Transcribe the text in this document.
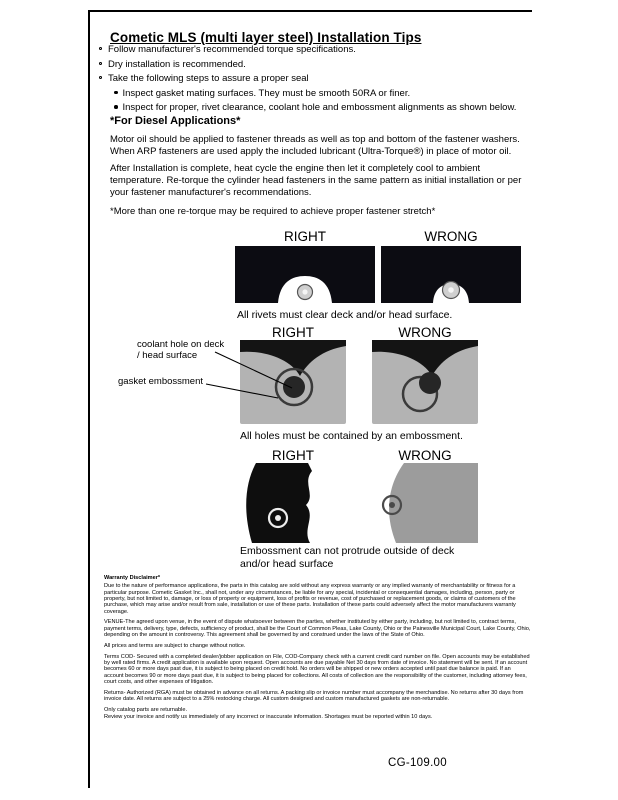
Cometic MLS (multi layer steel) Installation Tips
Follow manufacturer's recommended torque specifications.
Dry installation is recommended.
Take the following steps to assure a proper seal
Inspect gasket mating surfaces. They must be smooth 50RA or finer.
Inspect for proper, rivet clearance, coolant hole and embossment alignments as shown below.
*For Diesel Applications*
Motor oil should be applied to fastener threads as well as top and bottom of the fastener washers. When ARP fasteners are used apply the included lubricant (Ultra-Torque®) in place of motor oil.
After Installation is complete, heat cycle the engine then let it completely cool to ambient temperature. Re-torque the cylinder head fasteners in the same pattern as initial installation or per your fastener manufacturer's recommendations.
*More than one re-torque may be required to achieve proper fastener stretch*
RIGHT	WRONG
All rivets must clear deck and/or head surface.
RIGHT	WRONG
coolant hole on deck / head surface
gasket embossment
All holes must be contained by an embossment.
RIGHT	WRONG
Embossment can not protrude outside of deck and/or head surface
Warranty Disclaimer*
Due to the nature of performance applications, the parts in this catalog are sold without any express warranty or any implied warranty of merchantability or fitness for a particular purpose. Cometic Gasket Inc., shall not, under any circumstances, be liable for any special, incidental or consequential damages, including, person, party or property, but not limited to, damage, or loss of property or equipment, loss of profits or revenue, cost of purchased or replacement goods, or claims of customers of the purchase, which may arise and/or result from sale, installation or use of these parts. Installation of these parts could adversely affect the motor manufacturers warranty coverage.
VENUE-The agreed upon venue, in the event of dispute whatsoever between the parties, whether instituted by either party, including, but not limited to, contract terms, payment terms, delivery, type, defects, sufficiency of product, shall be the Court of Common Pleas, Lake County, Ohio or the Painesville Municipal Court, Lake County, Ohio, depending on the amount in controversy. This agreement shall be governed by and construed under the laws of the State of Ohio.
All prices and terms are subject to change without notice.
Terms COD- Secured with a completed dealer/jobber application on File, COD-Company check with a current credit card number on file. Open accounts may be established by well rated firms. A credit application is available upon request. Open accounts are due payable Net 30 days from date of invoice. No statement will be sent. If an account becomes 60 or more days past due, it is subject to being placed on credit hold. No orders will be shipped or new orders accepted until past due balance is paid. If an account becomes 90 or more days past due, it is subject to being placed for collections. All costs of collection are the responsibility of the customer, including attorney fees, court costs, and other expenses of litigation.
Returns- Authorized (RGA) must be obtained in advance on all returns. A packing slip or invoice number must accompany the merchandise. No returns after 30 days from invoice date. All returns are subject to a 25% restocking charge. All custom designed and custom manufactured gaskets are non-returnable.
Only catalog parts are returnable.
Review your invoice and notify us immediately of any incorrect or inaccurate information. Shortages must be reported within 10 days.
CG-109.00
